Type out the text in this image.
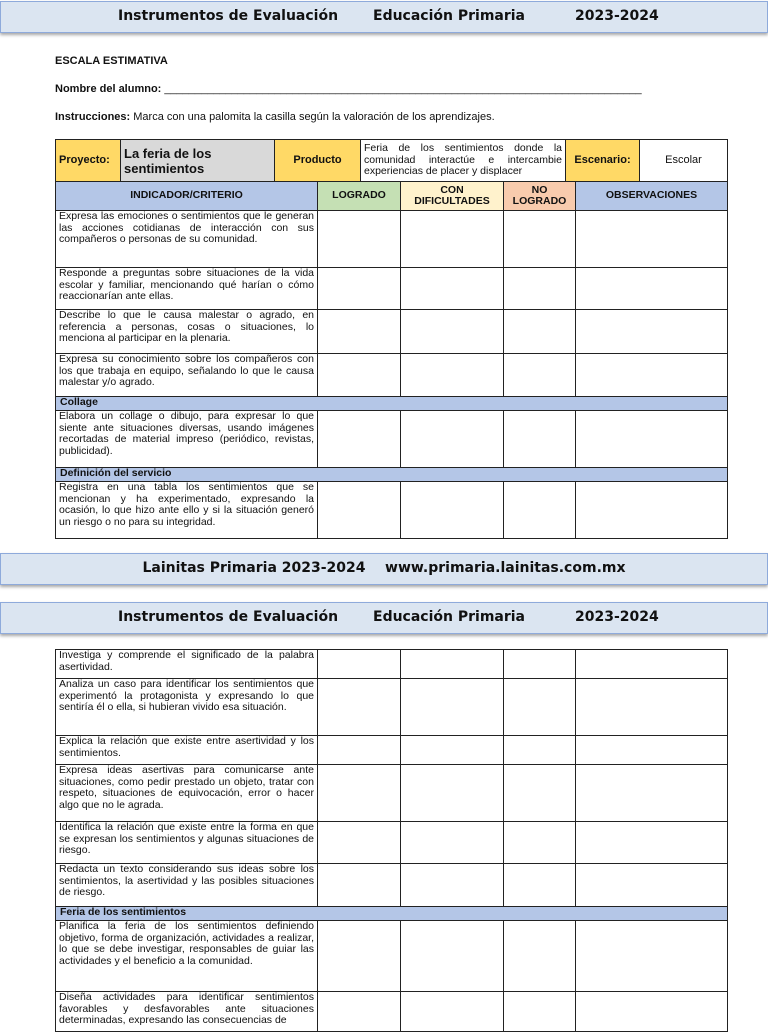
Instrumentos de Evaluación Educación Primaria	2023-2024
ESCALA ESTIMATIVA
Nombre del alumno: ______________________________________________________________________________
Instrucciones: Marca con una palomita la casilla según la valoración de los aprendizajes.
Proyecto:	La feria de los sentimientos	Producto	Feria de los sentimientos donde la comunidad interactúe e intercambie experiencias de placer y displacer	Escenario:	Escolar
INDICADOR/CRITERIO	LOGRADO	CON DIFICULTADES	NO LOGRADO	OBSERVACIONES
Expresa las emociones o sentimientos que le generan las acciones cotidianas de interacción con sus compañeros o personas de su comunidad.				
Responde a preguntas sobre situaciones de la vida escolar y familiar, mencionando qué harían o cómo reaccionarían ante ellas.				
Describe lo que le causa malestar o agrado, en referencia a personas, cosas o situaciones, lo menciona al participar en la plenaria.				
Expresa su conocimiento sobre los compañeros con los que trabaja en equipo, señalando lo que le causa malestar y/o agrado.				
Collage				
Elabora un collage o dibujo, para expresar lo que siente ante situaciones diversas, usando imágenes recortadas de material impreso (periódico, revistas, publicidad).				
Definición del servicio				
Registra en una tabla los sentimientos que se mencionan y ha experimentado, expresando la ocasión, lo que hizo ante ello y si la situación generó un riesgo o no para su integridad.				
Lainitas Primaria 2023-2024    www.primaria.lainitas.com.mx
Instrumentos de Evaluación Educación Primaria	2023-2024
Investiga y comprende el significado de la palabra asertividad.				
Analiza un caso para identificar los sentimientos que experimentó la protagonista y expresando lo que sentiría él o ella, si hubieran vivido esa situación.				
Explica la relación que existe entre asertividad y los sentimientos.				
Expresa ideas asertivas para comunicarse ante situaciones, como pedir prestado un objeto, tratar con respeto, situaciones de equivocación, error o hacer algo que no le agrada.				
Identifica la relación que existe entre la forma en que se expresan los sentimientos y algunas situaciones de riesgo.				
Redacta un texto considerando sus ideas sobre los sentimientos, la asertividad y las posibles situaciones de riesgo.				
Feria de los sentimientos				
Planifica la feria de los sentimientos definiendo objetivo, forma de organización, actividades a realizar, lo que se debe investigar, responsables de guiar las actividades y el beneficio a la comunidad.				
Diseña actividades para identificar sentimientos favorables y desfavorables ante situaciones determinadas, expresando las consecuencias de				
